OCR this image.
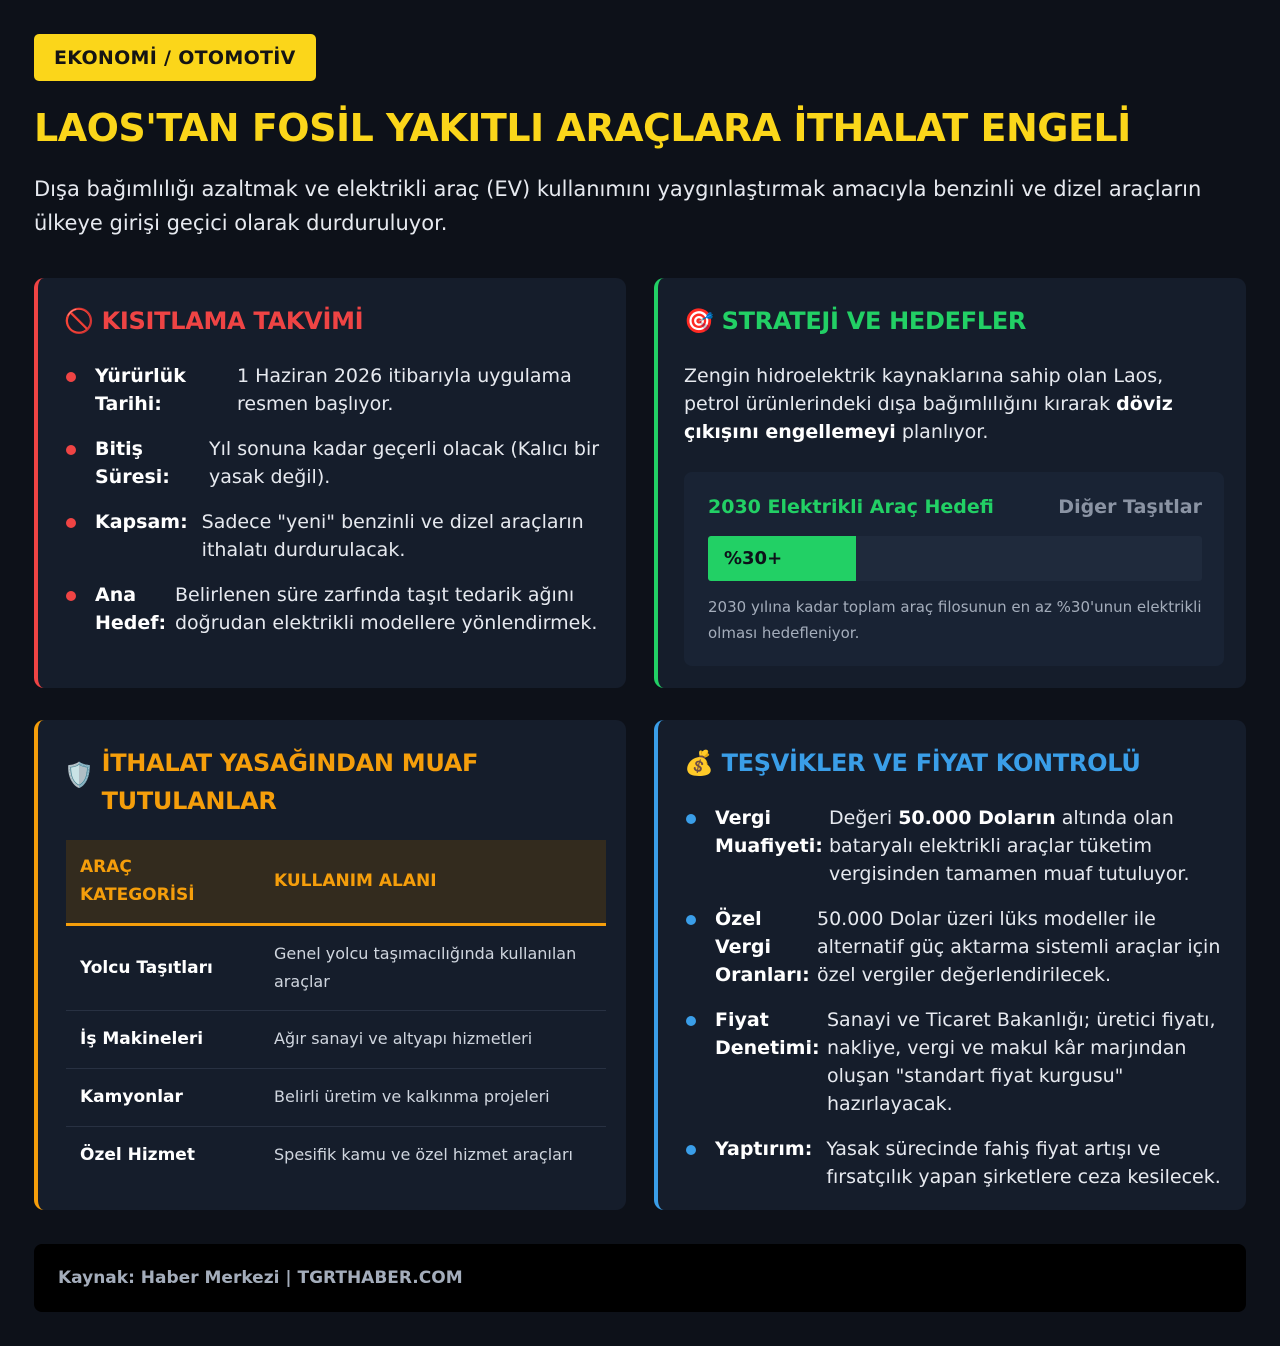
EKONOMİ / OTOMOTİV
LAOS'TAN FOSİL YAKITLI ARAÇLARA İTHALAT ENGELİ

Dışa bağımlılığı azaltmak ve elektrikli araç (EV) kullanımını yaygınlaştırmak amacıyla benzinli ve dizel araçların ülkeye girişi geçici olarak durduruluyor.

🚫 KISITLAMA TAKVİMİ
Yürürlük Tarihi:
1 Haziran 2026 itibarıyla uygulama resmen başlıyor.
Bitiş Süresi:
Yıl sonuna kadar geçerli olacak (Kalıcı bir yasak değil).
Kapsam: Sadece "yeni" benzinli ve dizel araçların ithalatı durdurulacak.
Ana Hedef:
Belirlenen süre zarfında taşıt tedarik ağını doğrudan elektrikli modellere yönlendirmek.
🎯 STRATEJİ VE HEDEFLER

Zengin hidroelektrik kaynaklarına sahip olan Laos, petrol ürünlerindeki dışa bağımlılığını kırarak döviz çıkışını engellemeyi planlıyor.

2030 Elektrikli Araç Hedefi	Diğer Taşıtlar
%30+
2030 yılına kadar toplam araç filosunun en az %30'unun elektrikli olması hedefleniyor.
🛡️ İTHALAT YASAĞINDAN MUAF TUTULANLAR
ARAÇ KATEGORİSİ	KULLANIM ALANI
Yolcu Taşıtları	Genel yolcu taşımacılığında kullanılan araçlar
İş Makineleri	Ağır sanayi ve altyapı hizmetleri
Kamyonlar	Belirli üretim ve kalkınma projeleri
Özel Hizmet	Spesifik kamu ve özel hizmet araçları
💰 TEŞVİKLER VE FİYAT KONTROLÜ
Vergi Muafiyeti:
Değeri 50.000 Doların altında olan bataryalı elektrikli araçlar tüketim vergisinden tamamen muaf tutuluyor.
Özel Vergi Oranları:
50.000 Dolar üzeri lüks modeller ile alternatif güç aktarma sistemli araçlar için özel vergiler değerlendirilecek.
Fiyat Denetimi:
Sanayi ve Ticaret Bakanlığı; üretici fiyatı, nakliye, vergi ve makul kâr marjından oluşan "standart fiyat kurgusu" hazırlayacak.
Yaptırım: Yasak sürecinde fahiş fiyat artışı ve fırsatçılık yapan şirketlere ceza kesilecek.
Kaynak: Haber Merkezi | TGRTHABER.COM
